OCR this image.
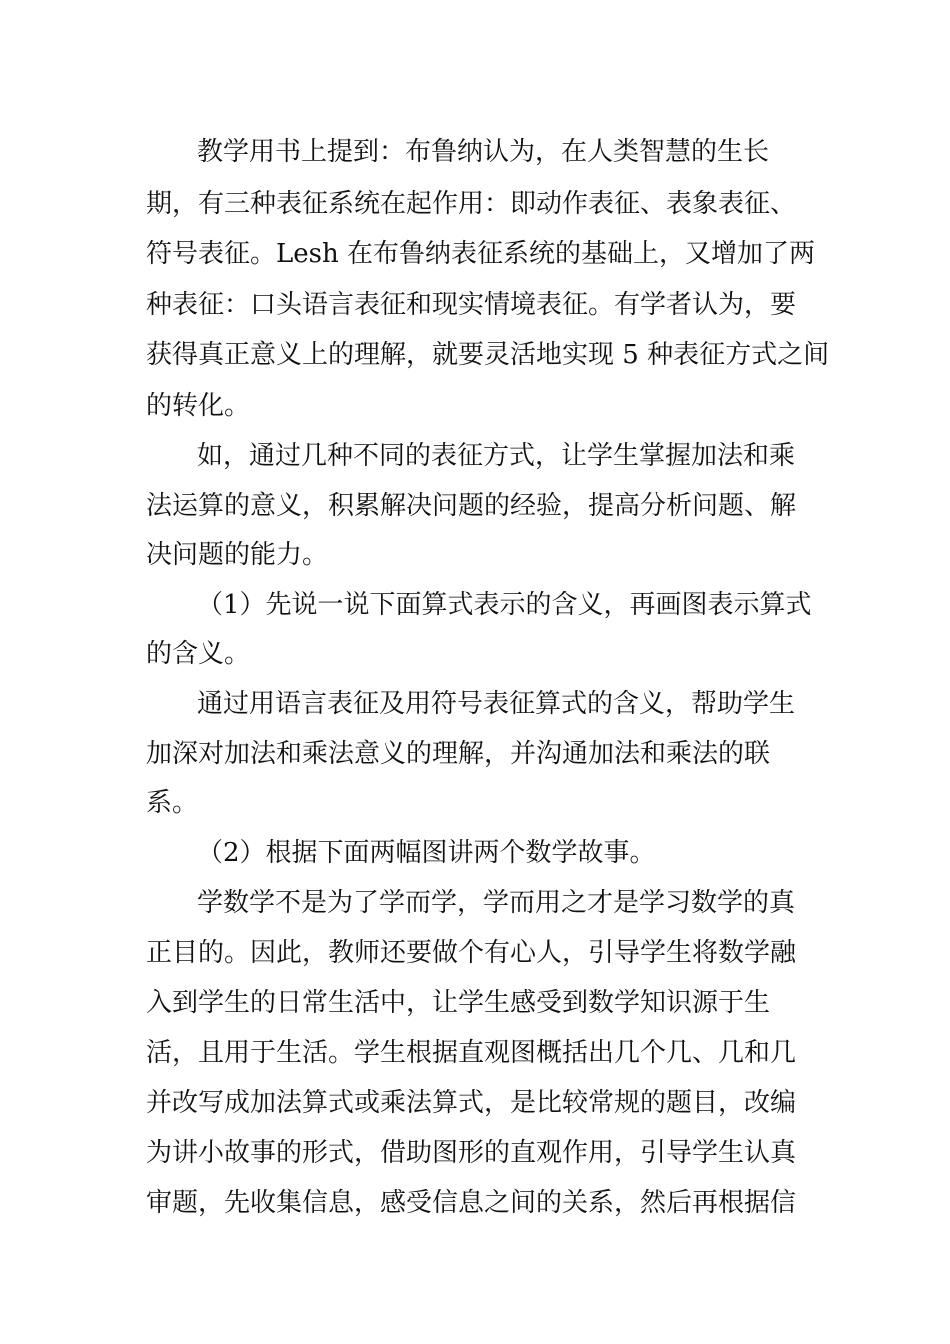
教学用书上提到：布鲁纳认为，在人类智慧的生长

期，有三种表征系统在起作用：即动作表征、表象表征、

符号表征。Lesh 在布鲁纳表征系统的基础上，又增加了两

种表征：口头语言表征和现实情境表征。有学者认为，要

获得真正意义上的理解，就要灵活地实现 5 种表征方式之间

的转化。

如，通过几种不同的表征方式，让学生掌握加法和乘

法运算的意义，积累解决问题的经验，提高分析问题、解

决问题的能力。

（1）先说一说下面算式表示的含义，再画图表示算式

的含义。

通过用语言表征及用符号表征算式的含义，帮助学生

加深对加法和乘法意义的理解，并沟通加法和乘法的联

系。

（2）根据下面两幅图讲两个数学故事。

学数学不是为了学而学，学而用之才是学习数学的真

正目的。因此，教师还要做个有心人，引导学生将数学融

入到学生的日常生活中，让学生感受到数学知识源于生

活，且用于生活。学生根据直观图概括出几个几、几和几

并改写成加法算式或乘法算式，是比较常规的题目，改编

为讲小故事的形式，借助图形的直观作用，引导学生认真

审题，先收集信息，感受信息之间的关系，然后再根据信
